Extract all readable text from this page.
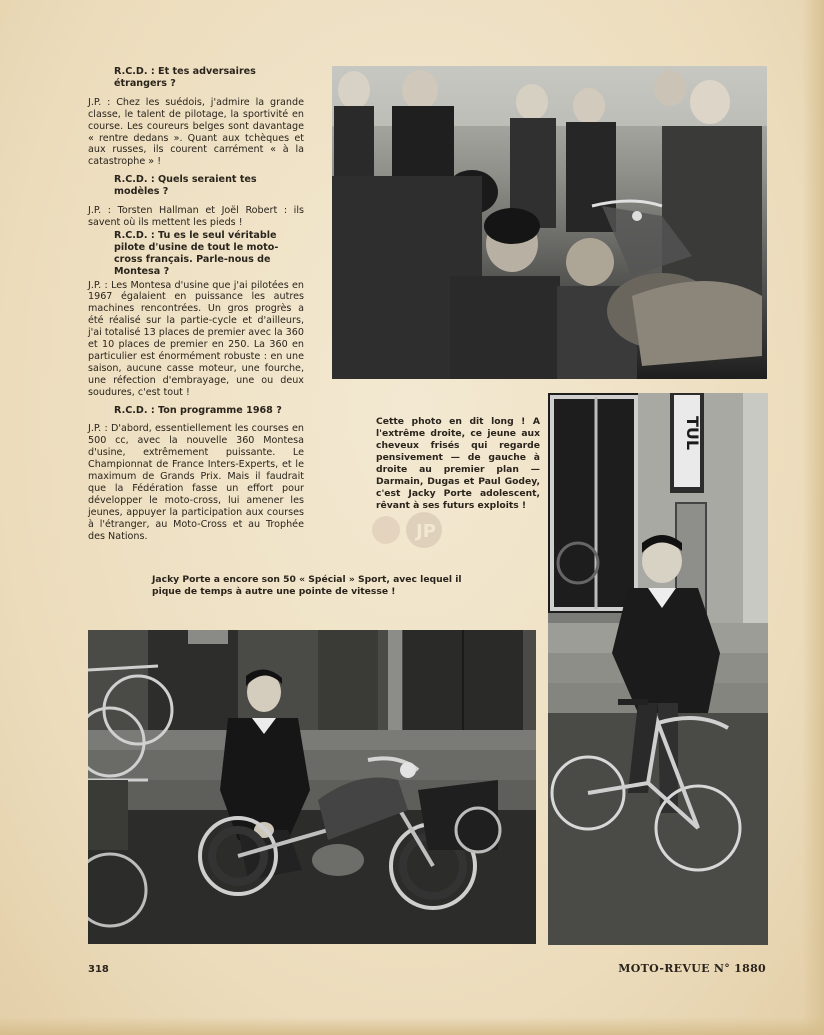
R.C.D. : Et tes adversaires étrangers ?

J.P. : Chez les suédois, j'admire la grande classe, le talent de pilotage, la sportivité en course. Les coureurs belges sont davantage « rentre dedans ». Quant aux tchèques et aux russes, ils courent carrément « à la catastrophe » !

R.C.D. : Quels seraient tes modèles ?

J.P. : Torsten Hallman et Joël Robert : ils savent où ils mettent les pieds !

R.C.D. : Tu es le seul véritable pilote d'usine de tout le moto-cross français. Parle-nous de Montesa ?

J.P. : Les Montesa d'usine que j'ai pilotées en 1967 égalaient en puissance les autres machines rencontrées. Un gros progrès a été réalisé sur la partie-cycle et d'ailleurs, j'ai totalisé 13 places de premier avec la 360 et 10 places de premier en 250. La 360 en particulier est énormément robuste : en une saison, aucune casse moteur, une fourche, une réfection d'embrayage, une ou deux soudures, c'est tout !

R.C.D. : Ton programme 1968 ?

J.P. : D'abord, essentiellement les courses en 500 cc, avec la nouvelle 360 Montesa d'usine, extrêmement puissante. Le Championnat de France Inters-Experts, et le maximum de Grands Prix. Mais il faudrait que la Fédération fasse un effort pour développer le moto-cross, lui amener les jeunes, appuyer la participation aux courses à l'étranger, au Moto-Cross et au Trophée des Nations.

Cette photo en dit long ! A l'extrême droite, ce jeune aux cheveux frisés qui regarde pensivement — de gauche à droite au premier plan — Darmain, Dugas et Paul Godey, c'est Jacky Porte adolescent, rêvant à ses futurs exploits !
JP
TUL
Jacky Porte a encore son 50 « Spécial » Sport, avec lequel il pique de temps à autre une pointe de vitesse !
318	MOTO-REVUE N° 1880
